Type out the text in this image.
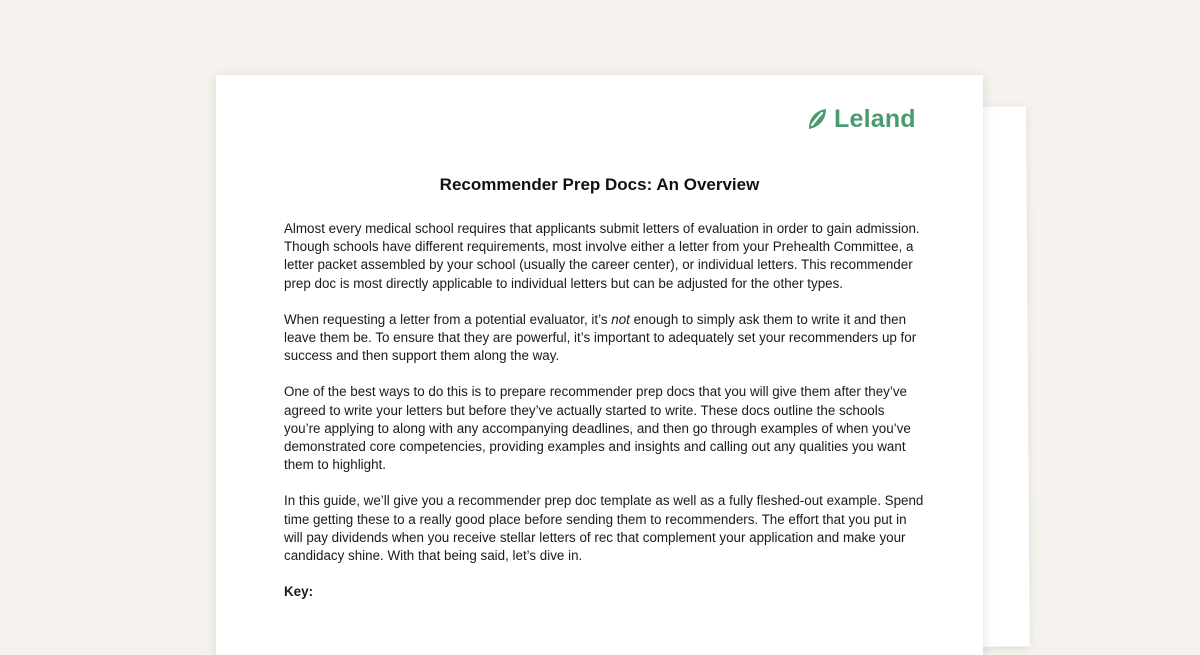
Leland
Recommender Prep Docs: An Overview

Almost every medical school requires that applicants submit letters of evaluation in order to gain admission. Though schools have different requirements, most involve either a letter from your Prehealth Committee, a letter packet assembled by your school (usually the career center), or individual letters. This recommender prep doc is most directly applicable to individual letters but can be adjusted for the other types.

When requesting a letter from a potential evaluator, it’s not enough to simply ask them to write it and then leave them be. To ensure that they are powerful, it’s important to adequately set your recommenders up for success and then support them along the way.

One of the best ways to do this is to prepare recommender prep docs that you will give them after they’ve agreed to write your letters but before they’ve actually started to write. These docs outline the schools you’re applying to along with any accompanying deadlines, and then go through examples of when you’ve demonstrated core competencies, providing examples and insights and calling out any qualities you want them to highlight.

In this guide, we’ll give you a recommender prep doc template as well as a fully fleshed-out example. Spend time getting these to a really good place before sending them to recommenders. The effort that you put in will pay dividends when you receive stellar letters of rec that complement your application and make your candidacy shine. With that being said, let’s dive in.

Key:
